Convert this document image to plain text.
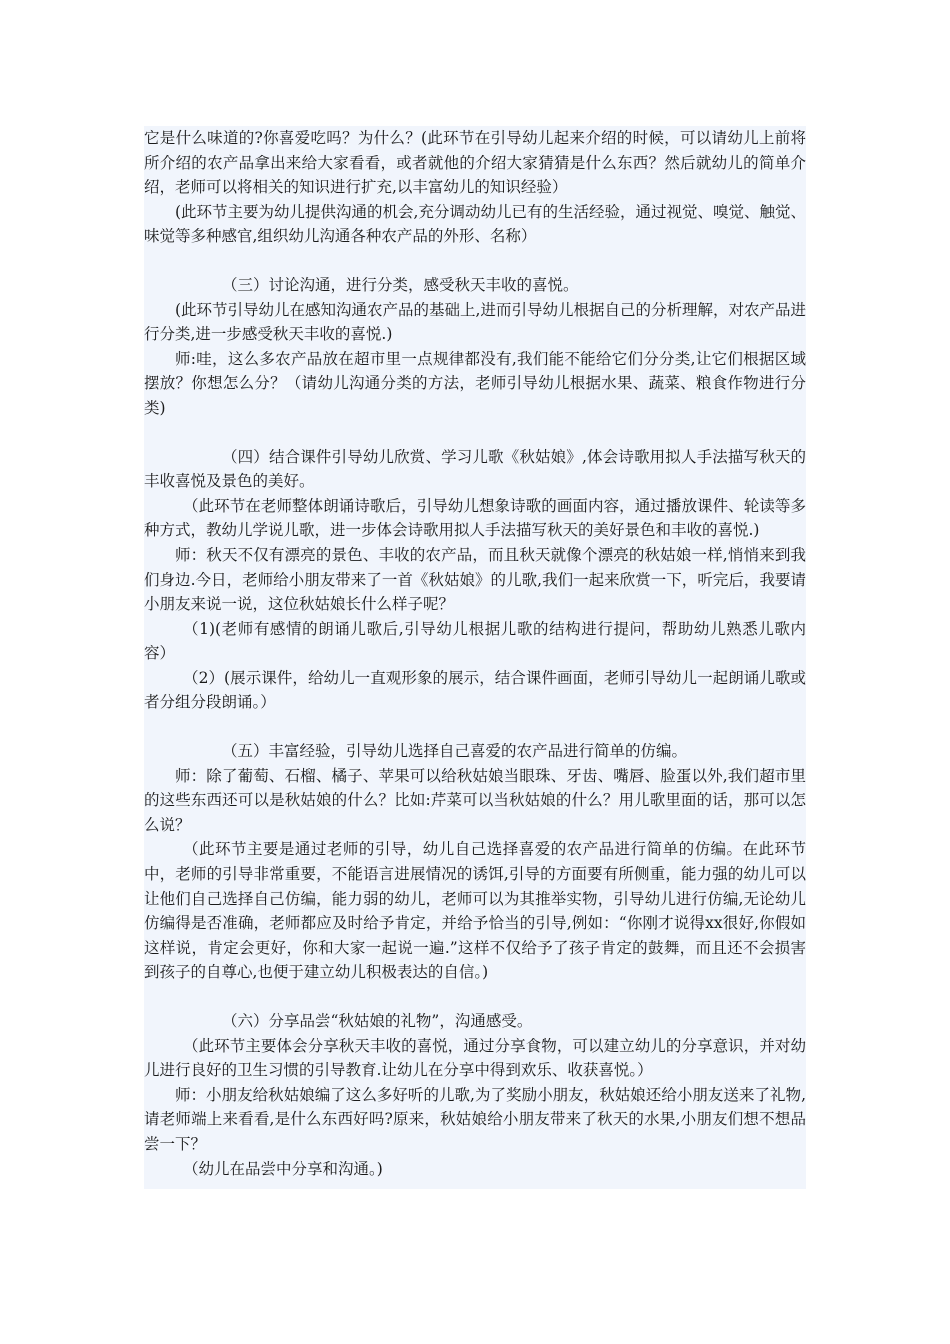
它是什么味道的?你喜爱吃吗？为什么？(此环节在引导幼儿起来介绍的时候，可以请幼儿上前将所介绍的农产品拿出来给大家看看，或者就他的介绍大家猜猜是什么东西？然后就幼儿的简单介绍，老师可以将相关的知识进行扩充,以丰富幼儿的知识经验）

(此环节主要为幼儿提供沟通的机会,充分调动幼儿已有的生活经验，通过视觉、嗅觉、触觉、味觉等多种感官,组织幼儿沟通各种农产品的外形、名称）

（三）讨论沟通，进行分类，感受秋天丰收的喜悦。

(此环节引导幼儿在感知沟通农产品的基础上,进而引导幼儿根据自己的分析理解，对农产品进行分类,进一步感受秋天丰收的喜悦.)

师:哇，这么多农产品放在超市里一点规律都没有,我们能不能给它们分分类,让它们根据区域摆放？你想怎么分？（请幼儿沟通分类的方法，老师引导幼儿根据水果、蔬菜、粮食作物进行分类)

（四）结合课件引导幼儿欣赏、学习儿歌《秋姑娘》,体会诗歌用拟人手法描写秋天的丰收喜悦及景色的美好。

（此环节在老师整体朗诵诗歌后，引导幼儿想象诗歌的画面内容，通过播放课件、轮读等多种方式，教幼儿学说儿歌，进一步体会诗歌用拟人手法描写秋天的美好景色和丰收的喜悦.)

师：秋天不仅有漂亮的景色、丰收的农产品，而且秋天就像个漂亮的秋姑娘一样,悄悄来到我们身边.今日，老师给小朋友带来了一首《秋姑娘》的儿歌,我们一起来欣赏一下，听完后，我要请小朋友来说一说，这位秋姑娘长什么样子呢？

（1)(老师有感情的朗诵儿歌后,引导幼儿根据儿歌的结构进行提问，帮助幼儿熟悉儿歌内容）

（2）(展示课件，给幼儿一直观形象的展示，结合课件画面，老师引导幼儿一起朗诵儿歌或者分组分段朗诵。）

（五）丰富经验，引导幼儿选择自己喜爱的农产品进行简单的仿编。

师：除了葡萄、石榴、橘子、苹果可以给秋姑娘当眼珠、牙齿、嘴唇、脸蛋以外,我们超市里的这些东西还可以是秋姑娘的什么？比如:芹菜可以当秋姑娘的什么？用儿歌里面的话，那可以怎么说？

（此环节主要是通过老师的引导，幼儿自己选择喜爱的农产品进行简单的仿编。在此环节中，老师的引导非常重要，不能语言进展情况的诱饵,引导的方面要有所侧重，能力强的幼儿可以让他们自己选择自己仿编，能力弱的幼儿，老师可以为其推举实物，引导幼儿进行仿编,无论幼儿仿编得是否准确，老师都应及时给予肯定，并给予恰当的引导,例如：“你刚才说得xx很好,你假如这样说，肯定会更好，你和大家一起说一遍.”这样不仅给予了孩子肯定的鼓舞，而且还不会损害到孩子的自尊心,也便于建立幼儿积极表达的自信。)

（六）分享品尝“秋姑娘的礼物”，沟通感受。

（此环节主要体会分享秋天丰收的喜悦，通过分享食物，可以建立幼儿的分享意识，并对幼儿进行良好的卫生习惯的引导教育.让幼儿在分享中得到欢乐、收获喜悦。）

师：小朋友给秋姑娘编了这么多好听的儿歌,为了奖励小朋友，秋姑娘还给小朋友送来了礼物,请老师端上来看看,是什么东西好吗?原来，秋姑娘给小朋友带来了秋天的水果,小朋友们想不想品尝一下？

（幼儿在品尝中分享和沟通。)
